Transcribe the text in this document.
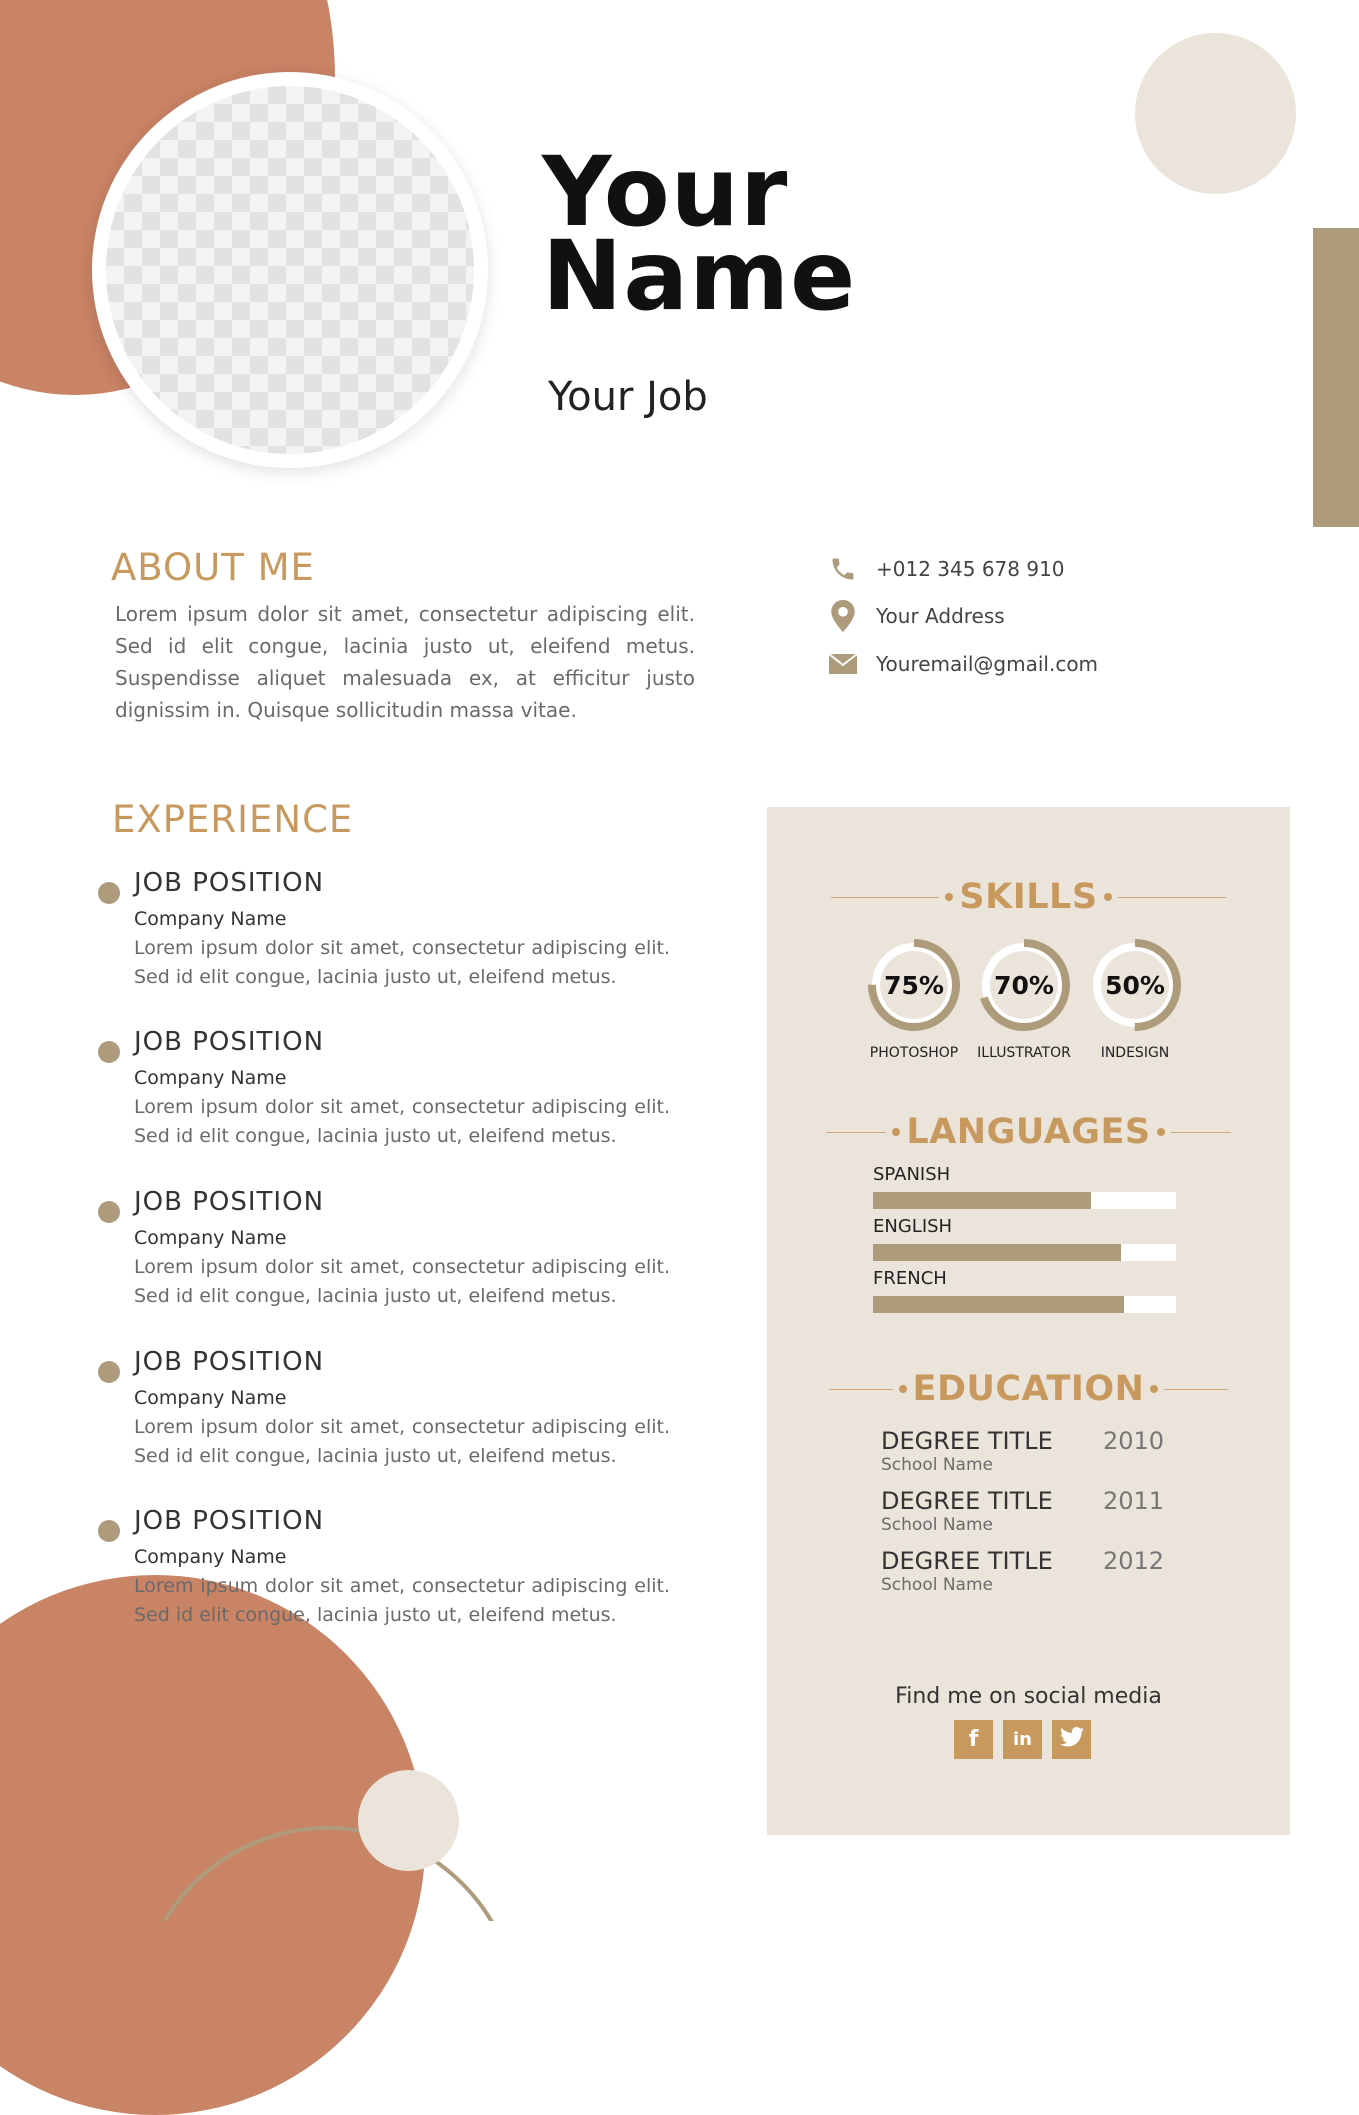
Your
Name
Your Job
ABOUT ME
Lorem ipsum dolor sit amet, consectetur adipiscing elit. Sed id elit congue, lacinia justo ut, eleifend metus. Suspendisse aliquet malesuada ex, at efficitur justo dignissim in. Quisque sollicitudin massa vitae.
+012 345 678 910
Your Address
Youremail@gmail.com
EXPERIENCE
JOB POSITION
Company Name
Lorem ipsum dolor sit amet, consectetur adipiscing elit. Sed id elit congue, lacinia justo ut, eleifend metus.
JOB POSITION
Company Name
Lorem ipsum dolor sit amet, consectetur adipiscing elit. Sed id elit congue, lacinia justo ut, eleifend metus.
JOB POSITION
Company Name
Lorem ipsum dolor sit amet, consectetur adipiscing elit. Sed id elit congue, lacinia justo ut, eleifend metus.
JOB POSITION
Company Name
Lorem ipsum dolor sit amet, consectetur adipiscing elit. Sed id elit congue, lacinia justo ut, eleifend metus.
JOB POSITION
Company Name
Lorem ipsum dolor sit amet, consectetur adipiscing elit. Sed id elit congue, lacinia justo ut, eleifend metus.
SKILLS
75%	70%	50%
PHOTOSHOP	ILLUSTRATOR	INDESIGN
LANGUAGES
SPANISH
ENGLISH
FRENCH
EDUCATION
DEGREE TITLE 2010
School Name
DEGREE TITLE 2011
School Name
DEGREE TITLE 2012
School Name
Find me on social media
f in
